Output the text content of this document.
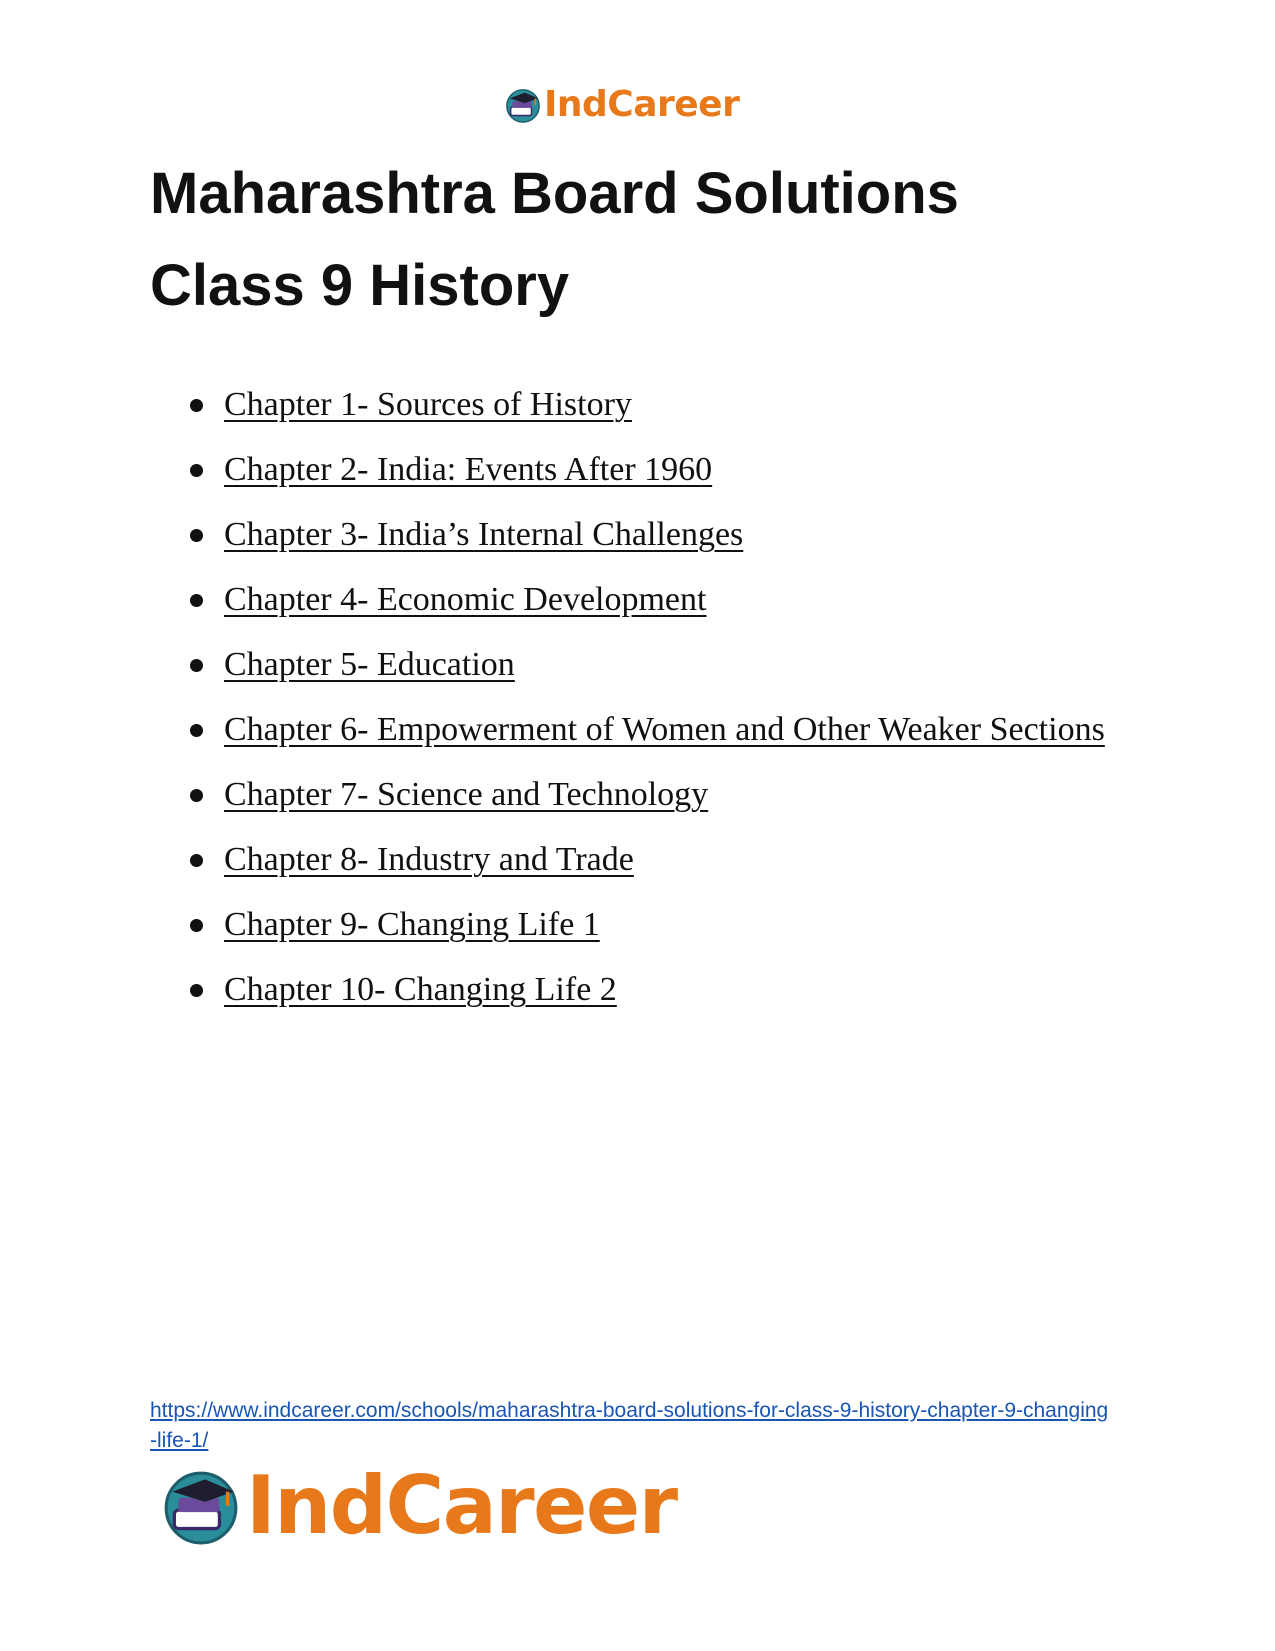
IndCareer
Maharashtra Board Solutions
Class 9 History
Chapter 1- Sources of History
Chapter 2- India: Events After 1960
Chapter 3- India’s Internal Challenges
Chapter 4- Economic Development
Chapter 5- Education
Chapter 6- Empowerment of Women and Other Weaker Sections
Chapter 7- Science and Technology
Chapter 8- Industry and Trade
Chapter 9- Changing Life 1
Chapter 10- Changing Life 2
https://www.indcareer.com/schools/maharashtra-board-solutions-for-class-9-history-chapter-9-changing-life-1/
IndCareer
